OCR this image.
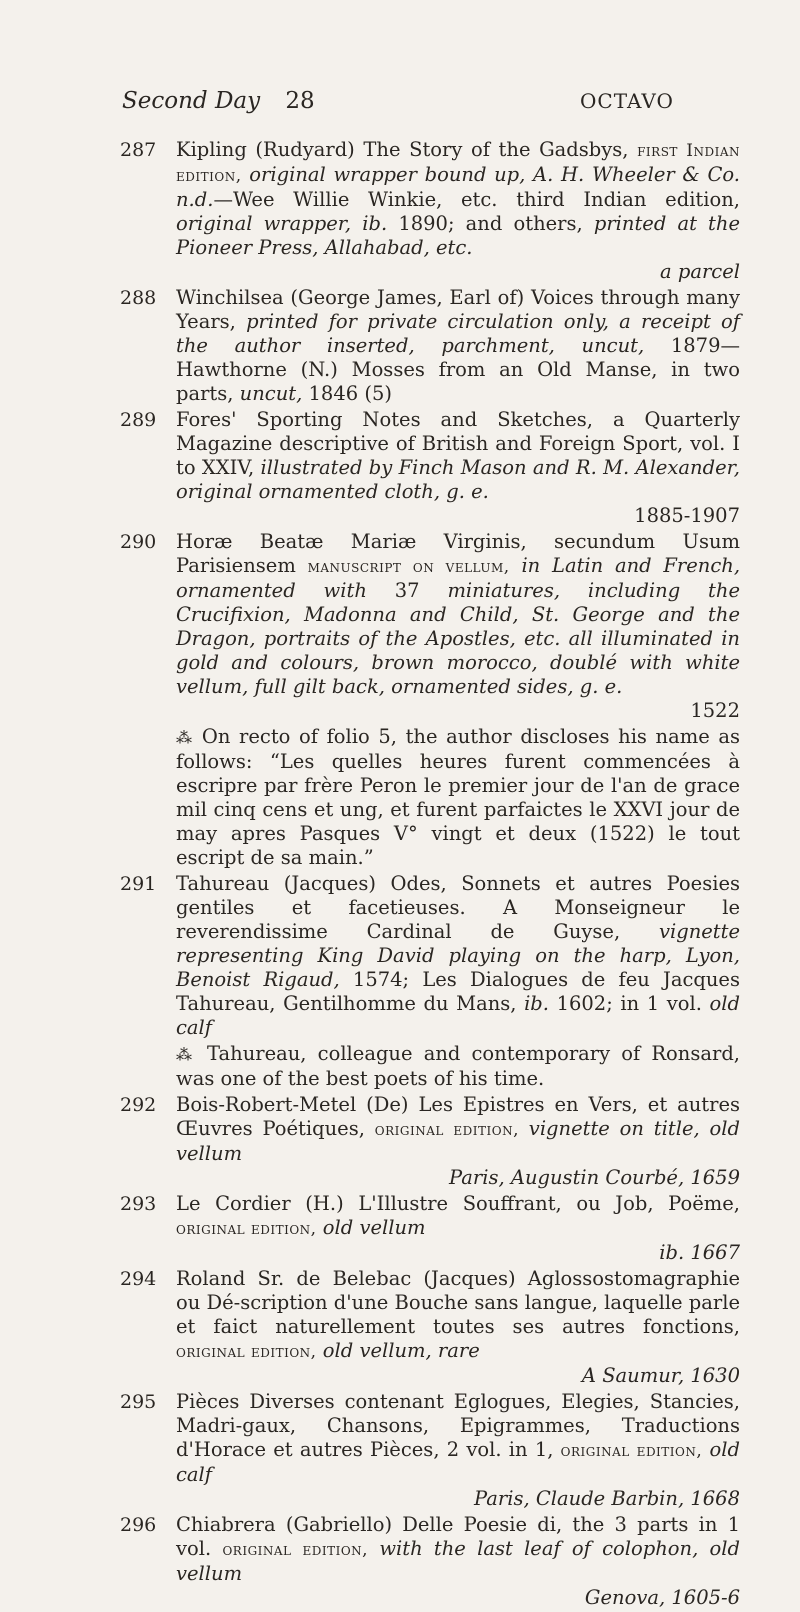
Second Day 28	OCTAVO
287	Kipling (Rudyard) The Story of the Gadsbys, first Indian edition, original wrapper bound up, A. H. Wheeler & Co. n.d.—Wee Willie Winkie, etc. third Indian edition, original wrapper, ib. 1890; and others, printed at the Pioneer Press, Allahabad, etc.
a parcel
288	Winchilsea (George James, Earl of) Voices through many Years, printed for private circulation only, a receipt of the author inserted, parchment, uncut, 1879—Hawthorne (N.) Mosses from an Old Manse, in two parts, uncut, 1846 (5)
289	Fores' Sporting Notes and Sketches, a Quarterly Magazine descriptive of British and Foreign Sport, vol. I to XXIV, illustrated by Finch Mason and R. M. Alexander, original ornamented cloth, g. e.
1885-1907
290	Horæ Beatæ Mariæ Virginis, secundum Usum Parisiensem manuscript on vellum, in Latin and French, ornamented with 37 miniatures, including the Crucifixion, Madonna and Child, St. George and the Dragon, portraits of the Apostles, etc. all illuminated in gold and colours, brown morocco, doublé with white vellum, full gilt back, ornamented sides, g. e.
1522
⁂ On recto of folio 5, the author discloses his name as follows: “Les quelles heures furent commencées à escripre par frère Peron le premier jour de l'an de grace mil cinq cens et ung, et furent parfaictes le XXVI jour de may apres Pasques V° vingt et deux (1522) le tout escript de sa main.”
291	Tahureau (Jacques) Odes, Sonnets et autres Poesies gentiles et facetieuses. A Monseigneur le reverendissime Cardinal de Guyse, vignette representing King David playing on the harp, Lyon, Benoist Rigaud, 1574; Les Dialogues de feu Jacques Tahureau, Gentilhomme du Mans, ib. 1602; in 1 vol. old calf
⁂ Tahureau, colleague and contemporary of Ronsard, was one of the best poets of his time.
292	Bois-Robert-Metel (De) Les Epistres en Vers, et autres Œuvres Poétiques, original edition, vignette on title, old vellum
Paris, Augustin Courbé, 1659
293	Le Cordier (H.) L'Illustre Souffrant, ou Job, Poëme, original edition, old vellum
ib. 1667
294	Roland Sr. de Belebac (Jacques) Aglossostomagraphie ou Dé-scription d'une Bouche sans langue, laquelle parle et faict naturellement toutes ses autres fonctions, original edition, old vellum, rare
A Saumur, 1630
295	Pièces Diverses contenant Eglogues, Elegies, Stancies, Madri-gaux, Chansons, Epigrammes, Traductions d'Horace et autres Pièces, 2 vol. in 1, original edition, old calf
Paris, Claude Barbin, 1668
296	Chiabrera (Gabriello) Delle Poesie di, the 3 parts in 1 vol. original edition, with the last leaf of colophon, old vellum
Genova, 1605-6
